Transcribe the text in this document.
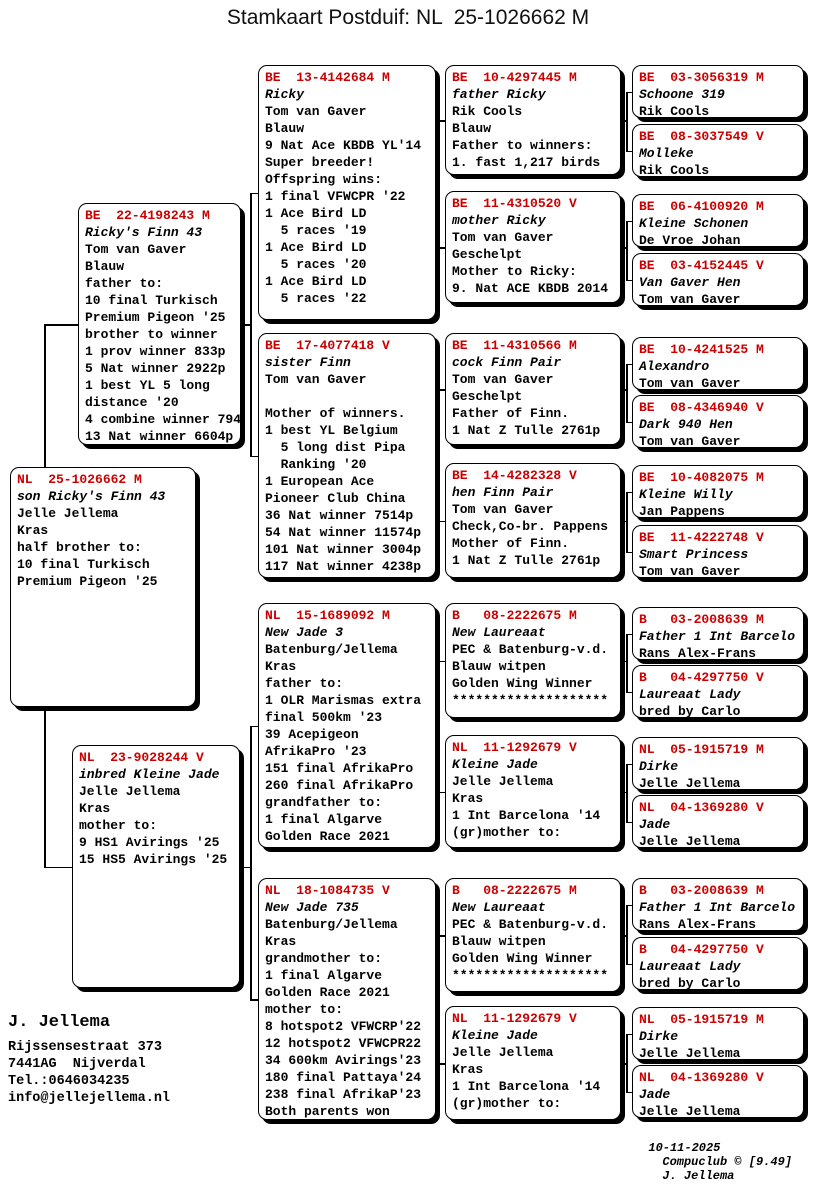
Stamkaart Postduif: NL  25-1026662 M
NL  25-1026662 M
son Ricky's Finn 43
Jelle Jellema
Kras
half brother to:
10 final Turkisch
Premium Pigeon '25
BE  22-4198243 M
Ricky's Finn 43
Tom van Gaver
Blauw
father to:
10 final Turkisch
Premium Pigeon '25
brother to winner
1 prov winner 833p
5 Nat winner 2922p
1 best YL 5 long
distance '20
4 combine winner 794
13 Nat winner 6604p
NL  23-9028244 V
inbred Kleine Jade
Jelle Jellema
Kras
mother to:
9 HS1 Avirings '25
15 HS5 Avirings '25
BE  13-4142684 M
Ricky
Tom van Gaver
Blauw
9 Nat Ace KBDB YL'14
Super breeder!
Offspring wins:
1 final VFWCPR '22
1 Ace Bird LD
5 races '19
1 Ace Bird LD
5 races '20
1 Ace Bird LD
5 races '22
BE  17-4077418 V
sister Finn
Tom van Gaver
Mother of winners.
1 best YL Belgium
5 long dist Pipa
Ranking '20
1 European Ace
Pioneer Club China
36 Nat winner 7514p
54 Nat winner 11574p
101 Nat winner 3004p
117 Nat winner 4238p
NL  15-1689092 M
New Jade 3
Batenburg/Jellema
Kras
father to:
1 OLR Marismas extra
final 500km '23
39 Acepigeon
AfrikaPro '23
151 final AfrikaPro
260 final AfrikaPro
grandfather to:
1 final Algarve
Golden Race 2021
NL  18-1084735 V
New Jade 735
Batenburg/Jellema
Kras
grandmother to:
1 final Algarve
Golden Race 2021
mother to:
8 hotspot2 VFWCRP'22
12 hotspot2 VFWCPR22
34 600km Avirings'23
180 final Pattaya'24
238 final AfrikaP'23
Both parents won
BE  10-4297445 M
father Ricky
Rik Cools
Blauw
Father to winners:
1. fast 1,217 birds
BE  11-4310520 V
mother Ricky
Tom van Gaver
Geschelpt
Mother to Ricky:
9. Nat ACE KBDB 2014
BE  11-4310566 M
cock Finn Pair
Tom van Gaver
Geschelpt
Father of Finn.
1 Nat Z Tulle 2761p
BE  14-4282328 V
hen Finn Pair
Tom van Gaver
Check,Co-br. Pappens
Mother of Finn.
1 Nat Z Tulle 2761p
B   08-2222675 M
New Laureaat
PEC & Batenburg-v.d.
Blauw witpen
Golden Wing Winner
********************
NL  11-1292679 V
Kleine Jade
Jelle Jellema
Kras
1 Int Barcelona '14
(gr)mother to:
B   08-2222675 M
New Laureaat
PEC & Batenburg-v.d.
Blauw witpen
Golden Wing Winner
********************
NL  11-1292679 V
Kleine Jade
Jelle Jellema
Kras
1 Int Barcelona '14
(gr)mother to:
BE  03-3056319 M
Schoone 319
Rik Cools
BE  08-3037549 V
Molleke
Rik Cools
BE  06-4100920 M
Kleine Schonen
De Vroe Johan
BE  03-4152445 V
Van Gaver Hen
Tom van Gaver
BE  10-4241525 M
Alexandro
Tom van Gaver
BE  08-4346940 V
Dark 940 Hen
Tom van Gaver
BE  10-4082075 M
Kleine Willy
Jan Pappens
BE  11-4222748 V
Smart Princess
Tom van Gaver
B   03-2008639 M
Father 1 Int Barcelo
Rans Alex-Frans
B   04-4297750 V
Laureaat Lady
bred by Carlo
NL  05-1915719 M
Dirke
Jelle Jellema
NL  04-1369280 V
Jade
Jelle Jellema
B   03-2008639 M
Father 1 Int Barcelo
Rans Alex-Frans
B   04-4297750 V
Laureaat Lady
bred by Carlo
NL  05-1915719 M
Dirke
Jelle Jellema
NL  04-1369280 V
Jade
Jelle Jellema
J. Jellema
Rijssensestraat 373
7441AG  Nijverdal
Tel.:0646034235
info@jellejellema.nl

10-11-2025
Compuclub © [9.49]
J. Jellema
